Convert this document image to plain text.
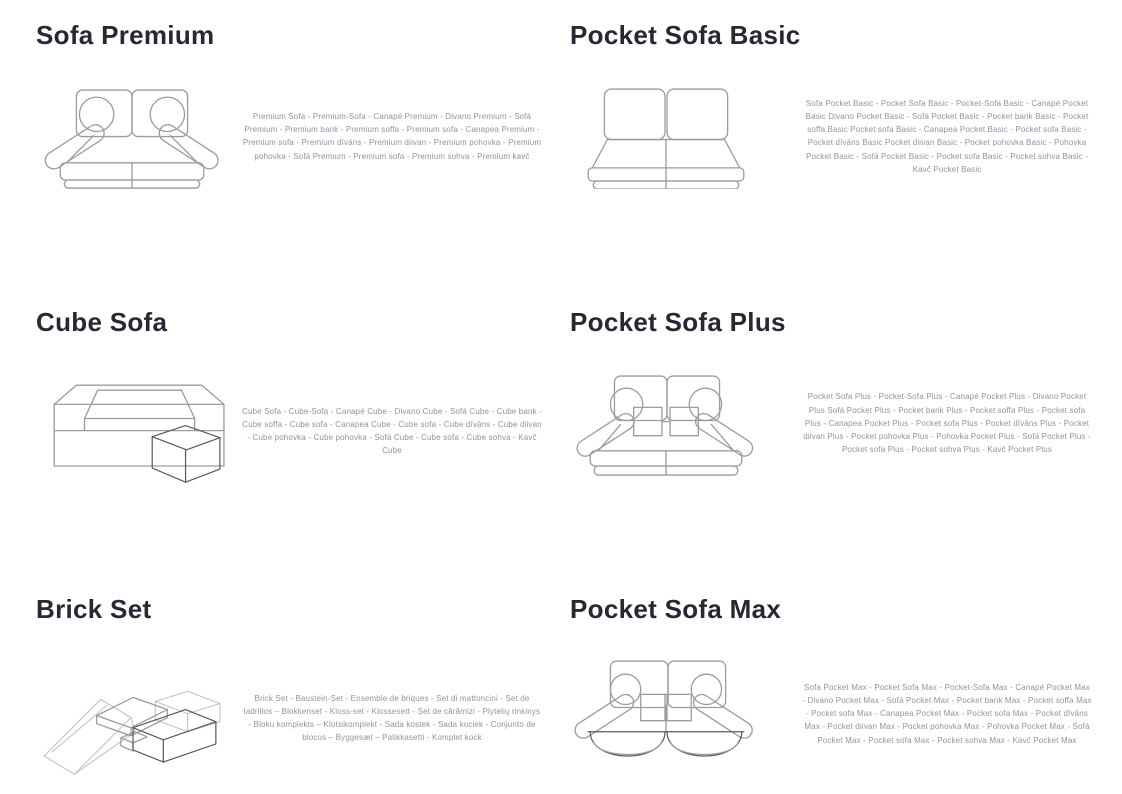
Sofa Premium

Premium Sofa - Premium-Sofa - Canapé Premium - Divano Premium - Sofá Premium - Premium bank - Premium soffa - Premium sofa - Canapea Premium - Premium sofa - Premium dīvāns - Premium diivan - Premium pohovka - Premium pohovka - Sofá Premium - Premium sofa - Premium sohva - Premium kavč

Pocket Sofa Basic

Sofa Pocket Basic - Pocket Sofa Basic - Pocket-Sofa Basic - Canapé Pocket Basic Divano Pocket Basic - Sofá Pocket Basic - Pocket bank Basic - Pocket soffa Basic Pocket sofa Basic - Canapea Pocket Basic - Pocket sofa Basic - Pocket dīvāns Basic Pocket diivan Basic - Pocket pohovka Basic - Pohovka Pocket Basic - Sofá Pocket Basic - Pocket sofa Basic - Pocket sohva Basic - Kavč Pocket Basic

Cube Sofa

Cube Sofa - Cube-Sofa - Canapé Cube - Divano Cube - Sofá Cube - Cube bank - Cube soffa - Cube sofa - Canapea Cube - Cube sofa - Cube dīvāns - Cube diivan - Cube pohovka - Cube pohovka - Sofá Cube - Cube sofa - Cube sohva - Kavč Cube

Pocket Sofa Plus

Pocket Sofa Plus - Pocket-Sofa Plus - Canapé Pocket Plus - Divano Pocket Plus Sofá Pocket Plus - Pocket bank Plus - Pocket soffa Plus - Pocket sofa Plus - Canapea Pocket Plus - Pocket sofa Plus - Pocket dīvāns Plus - Pocket diivan Plus - Pocket pohovka Plus - Pohovka Pocket Plus - Sofá Pocket Plus - Pocket sofa Plus - Pocket sohva Plus - Kavč Pocket Plus

Brick Set

Brick Set - Baustein-Set - Ensemble de briques - Set di mattoncini - Set de ladrillos – Blokkenset - Kloss-set - Klossesett - Set de cărămizi - Plytelių rinkinys - Bloku komplekts – Klotsikomplekt - Sada kostek - Sada kociek - Conjunto de blocos – Byggesæt – Palikkasetti - Komplet kock

Pocket Sofa Max

Sofa Pocket Max - Pocket Sofa Max - Pocket-Sofa Max - Canapé Pocket Max - Divano Pocket Max - Sofá Pocket Max - Pocket bank Max - Pocket soffa Max - Pocket sofa Max - Canapea Pocket Max - Pocket sofa Max - Pocket dīvāns Max - Pocket diivan Max - Pocket pohovka Max - Pohovka Pocket Max - Sofá Pocket Max - Pocket sofa Max - Pocket sohva Max - Kavč Pocket Max
